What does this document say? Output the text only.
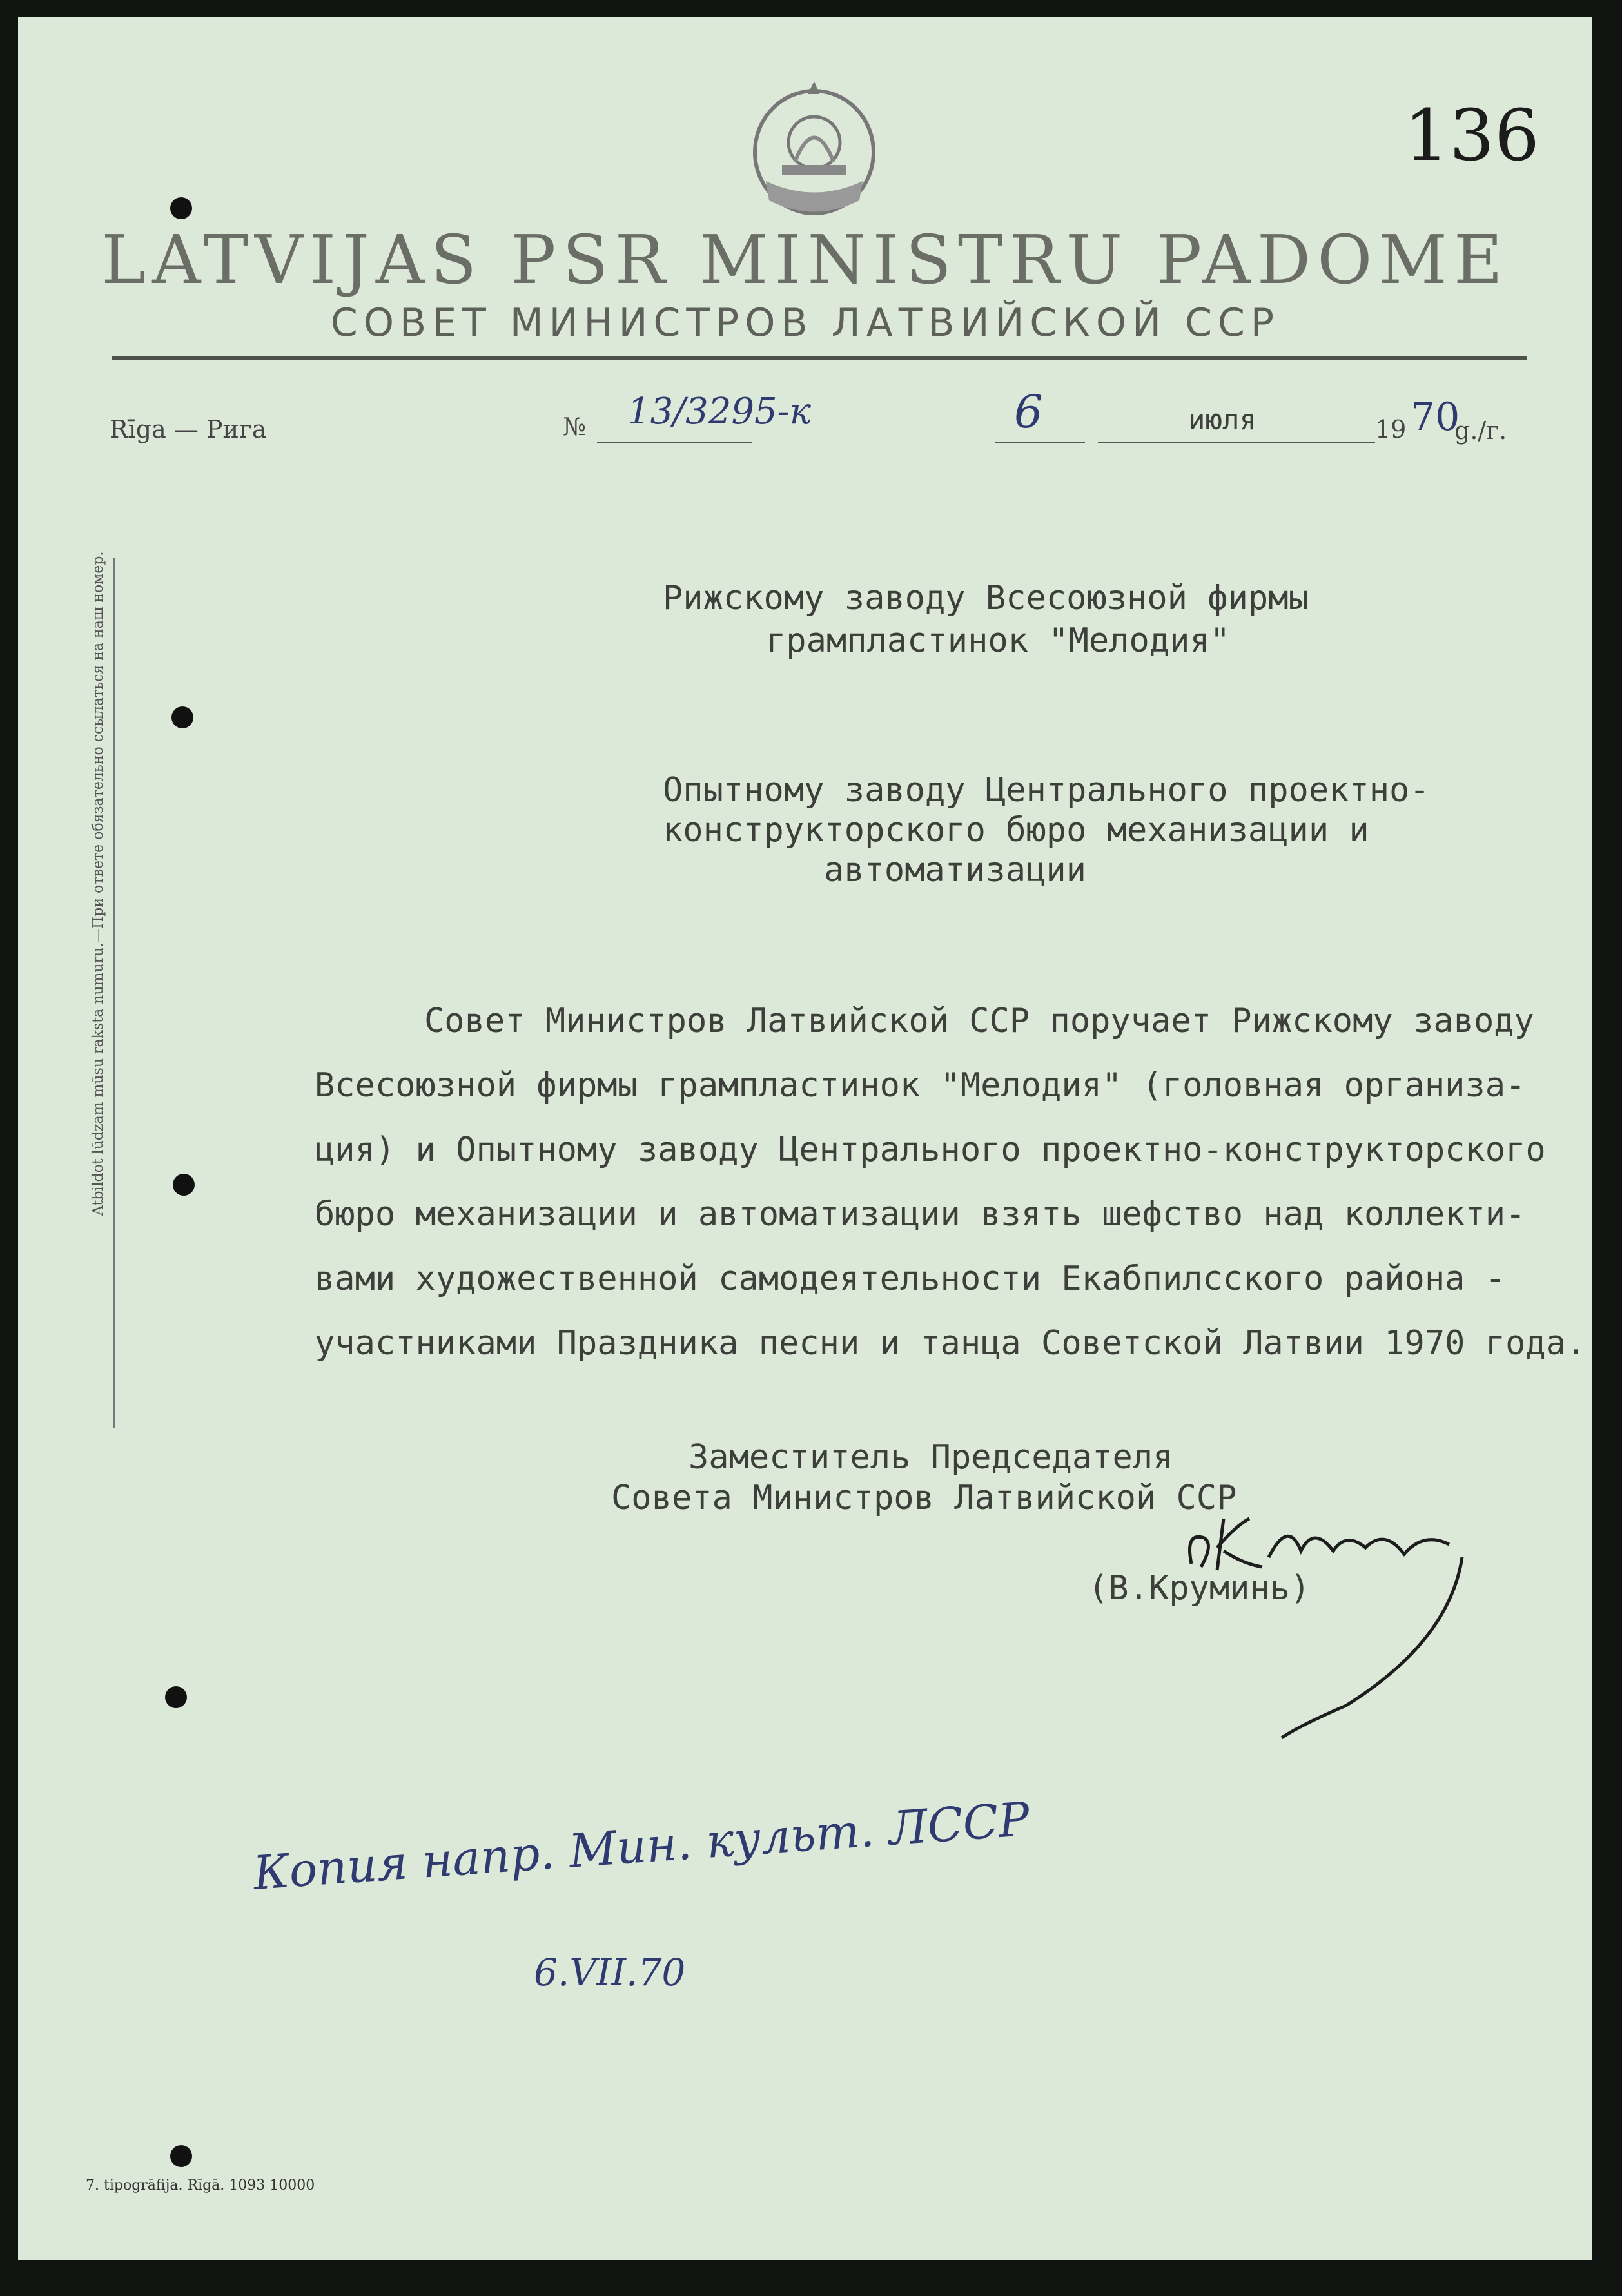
136
LATVIJAS PSR MINISTRU PADOME
СОВЕТ МИНИСТРОВ ЛАТВИЙСКОЙ ССР
Rīga — Рига	№ 13/3295-к	6	июля	19 70
g./г.
Atbildot lūdzam mūsu raksta numuru.—При ответе обязательно ссылаться на наш номер.	Рижскому заводу Всесоюзной фирмы
грампластинок "Мелодия"
Опытному заводу Центрального проектно-
конструкторского бюро механизации и
автоматизации

Совет Министров Латвийской ССР поручает Рижскому заводу

Всесоюзной фирмы грампластинок "Мелодия" (головная организа-

ция) и Опытному заводу Центрального проектно-конструкторского

бюро механизации и автоматизации взять шефство над коллекти-

вами художественной самодеятельности Екабпилсского района -

участниками Праздника песни и танца Советской Латвии 1970 года.

Заместитель Председателя
Совета Министров Латвийской ССР
(В.Круминь)
Копия напр. Мин. культ. ЛССР
6.VII.70
7. tipogrāfija. Rīgā. 1093 10000
